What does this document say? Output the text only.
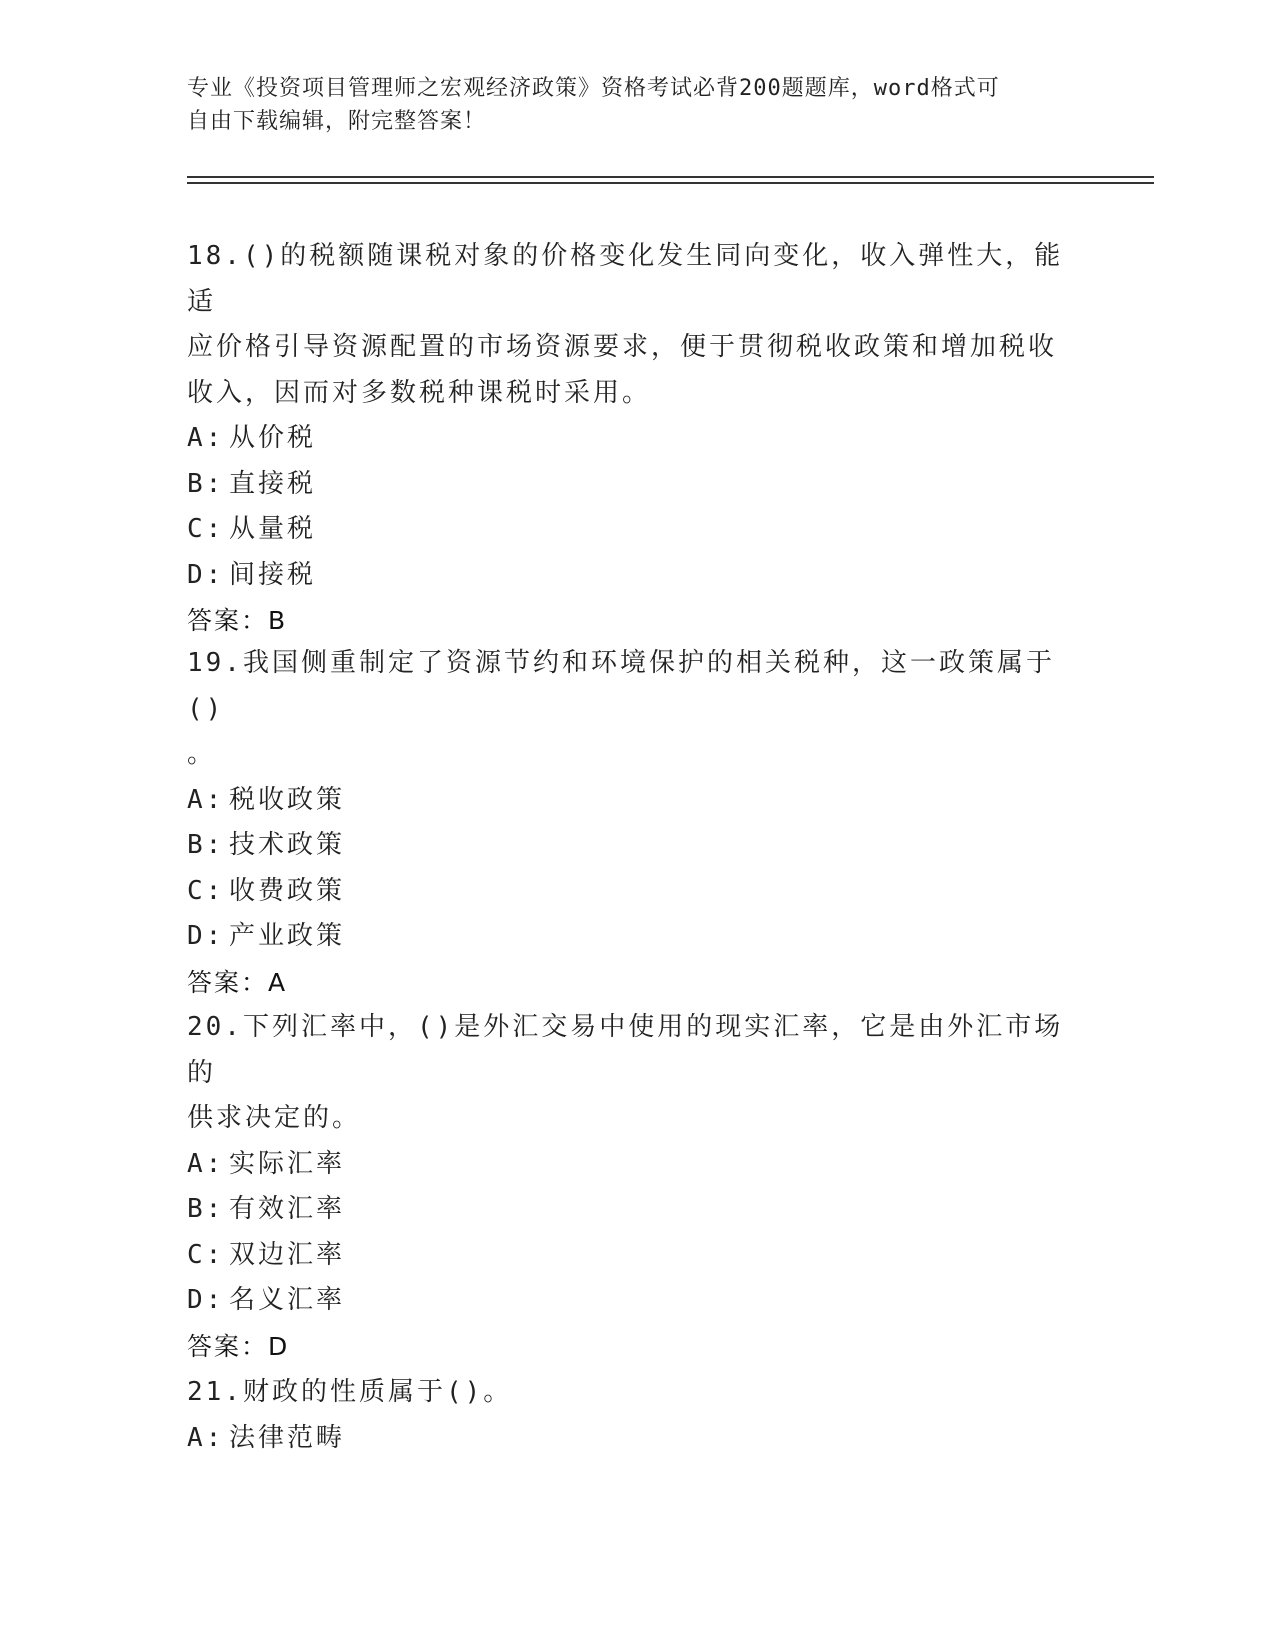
专业《投资项目管理师之宏观经济政策》资格考试必背200题题库，word格式可
自由下载编辑，附完整答案！

18.()的税额随课税对象的价格变化发生同向变化，收入弹性大，能适

应价格引导资源配置的市场资源要求，便于贯彻税收政策和增加税收

收入，因而对多数税种课税时采用。

A: 从价税

B: 直接税

C: 从量税

D: 间接税

答案：B

19.我国侧重制定了资源节约和环境保护的相关税种，这一政策属于()

。

A: 税收政策

B: 技术政策

C: 收费政策

D: 产业政策

答案：A

20.下列汇率中，()是外汇交易中使用的现实汇率，它是由外汇市场的

供求决定的。

A: 实际汇率

B: 有效汇率

C: 双边汇率

D: 名义汇率

答案：D

21.财政的性质属于()。

A: 法律范畴
